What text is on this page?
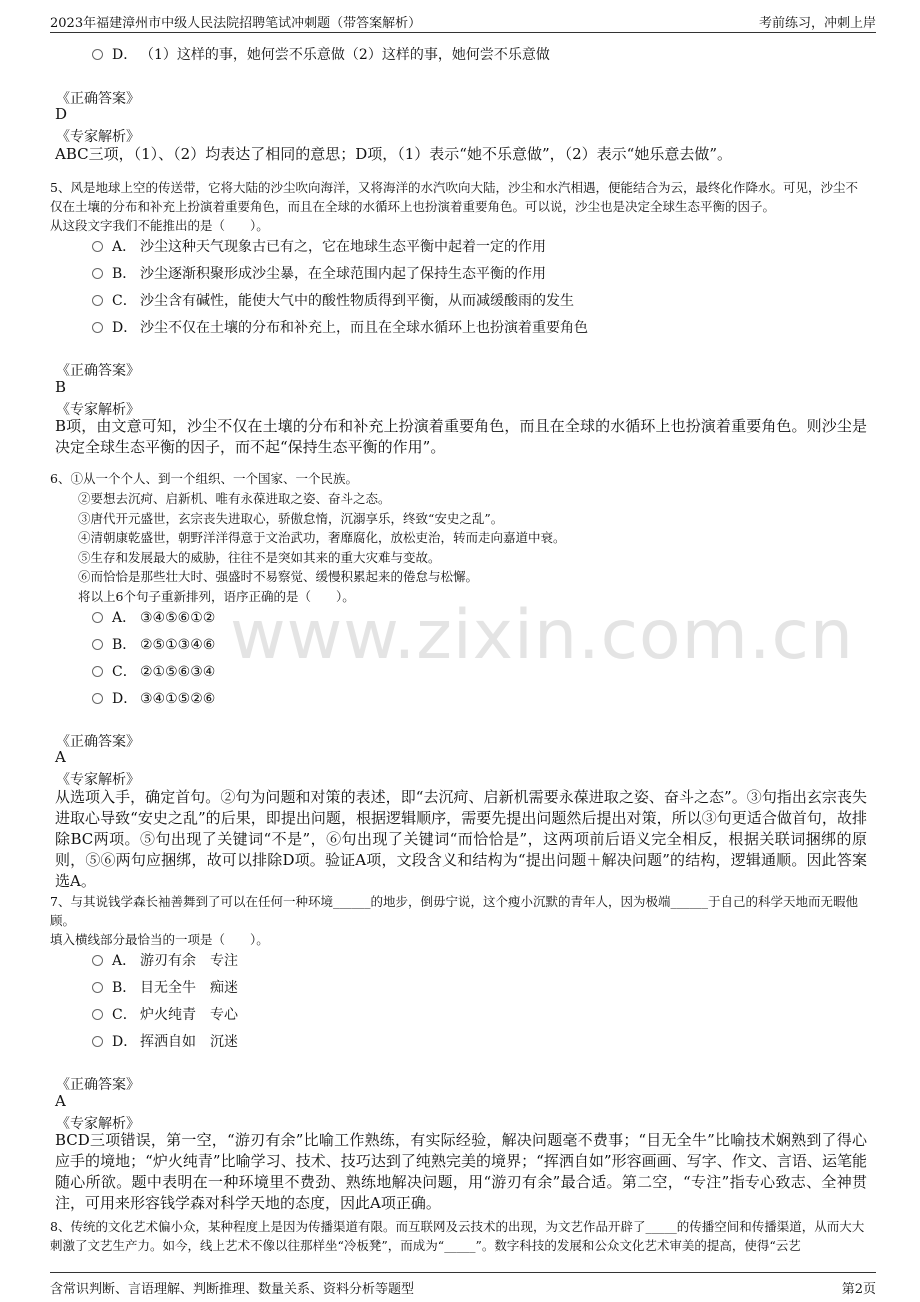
2023年福建漳州市中级人民法院招聘笔试冲刺题（带答案解析）	考前练习，冲刺上岸
www.zixin.com.cn
D． （1）这样的事，她何尝不乐意做（2）这样的事，她何尝不乐意做
《正确答案》
D
《专家解析》
ABC三项，（1）、（2）均表达了相同的意思；D项，（1）表示“她不乐意做”，（2）表示“她乐意去做”。
5、风是地球上空的传送带，它将大陆的沙尘吹向海洋，又将海洋的水汽吹向大陆，沙尘和水汽相遇，便能结合为云，最终化作降水。可见，沙尘不仅在土壤的分布和补充上扮演着重要角色，而且在全球的水循环上也扮演着重要角色。可以说，沙尘也是决定全球生态平衡的因子。
从这段文字我们不能推出的是（　　）。
A． 沙尘这种天气现象古已有之，它在地球生态平衡中起着一定的作用
B． 沙尘逐渐积聚形成沙尘暴，在全球范围内起了保持生态平衡的作用
C． 沙尘含有碱性，能使大气中的酸性物质得到平衡，从而减缓酸雨的发生
D． 沙尘不仅在土壤的分布和补充上，而且在全球水循环上也扮演着重要角色
《正确答案》
B
《专家解析》
B项，由文意可知，沙尘不仅在土壤的分布和补充上扮演着重要角色，而且在全球的水循环上也扮演着重要角色。则沙尘是决定全球生态平衡的因子，而不起“保持生态平衡的作用”。
6、①从一个个人、到一个组织、一个国家、一个民族。
②要想去沉疴、启新机、唯有永葆进取之姿、奋斗之态。
③唐代开元盛世，玄宗丧失进取心，骄傲怠惰，沉溺享乐，终致“安史之乱”。
④清朝康乾盛世，朝野洋洋得意于文治武功，奢靡腐化，放松吏治，转而走向嘉道中衰。
⑤生存和发展最大的威胁，往往不是突如其来的重大灾难与变故。
⑥而恰恰是那些壮大时、强盛时不易察觉、缓慢积累起来的倦怠与松懈。
将以上6个句子重新排列，语序正确的是（　　）。
A． ③④⑤⑥①②
B． ②⑤①③④⑥
C． ②①⑤⑥③④
D． ③④①⑤②⑥
《正确答案》
A
《专家解析》
从选项入手，确定首句。②句为问题和对策的表述，即“去沉疴、启新机需要永葆进取之姿、奋斗之态”。③句指出玄宗丧失进取心导致“安史之乱”的后果，即提出问题，根据逻辑顺序，需要先提出问题然后提出对策，所以③句更适合做首句，故排除BC两项。⑤句出现了关键词“不是”，⑥句出现了关键词“而恰恰是”，这两项前后语义完全相反，根据关联词捆绑的原则，⑤⑥两句应捆绑，故可以排除D项。验证A项，文段含义和结构为“提出问题＋解决问题”的结构，逻辑通顺。因此答案选A。
7、与其说钱学森长袖善舞到了可以在任何一种环境______的地步，倒毋宁说，这个瘦小沉默的青年人，因为极端______于自己的科学天地而无暇他顾。
填入横线部分最恰当的一项是（　　）。
A． 游刃有余　专注
B． 目无全牛　痴迷
C． 炉火纯青　专心
D． 挥洒自如　沉迷
《正确答案》
A
《专家解析》
BCD三项错误，第一空，“游刃有余”比喻工作熟练，有实际经验，解决问题毫不费事；“目无全牛”比喻技术娴熟到了得心应手的境地；“炉火纯青”比喻学习、技术、技巧达到了纯熟完美的境界；“挥洒自如”形容画画、写字、作文、言语、运笔能随心所欲。题中表明在一种环境里不费劲、熟练地解决问题，用“游刃有余”最合适。第二空，“专注”指专心致志、全神贯注，可用来形容钱学森对科学天地的态度，因此A项正确。
8、传统的文化艺术偏小众，某种程度上是因为传播渠道有限。而互联网及云技术的出现，为文艺作品开辟了_____的传播空间和传播渠道，从而大大刺激了文艺生产力。如今，线上艺术不像以往那样坐“冷板凳”，而成为“_____”。数字科技的发展和公众文化艺术审美的提高，使得“云艺
含常识判断、言语理解、判断推理、数量关系、资料分析等题型	第2页
